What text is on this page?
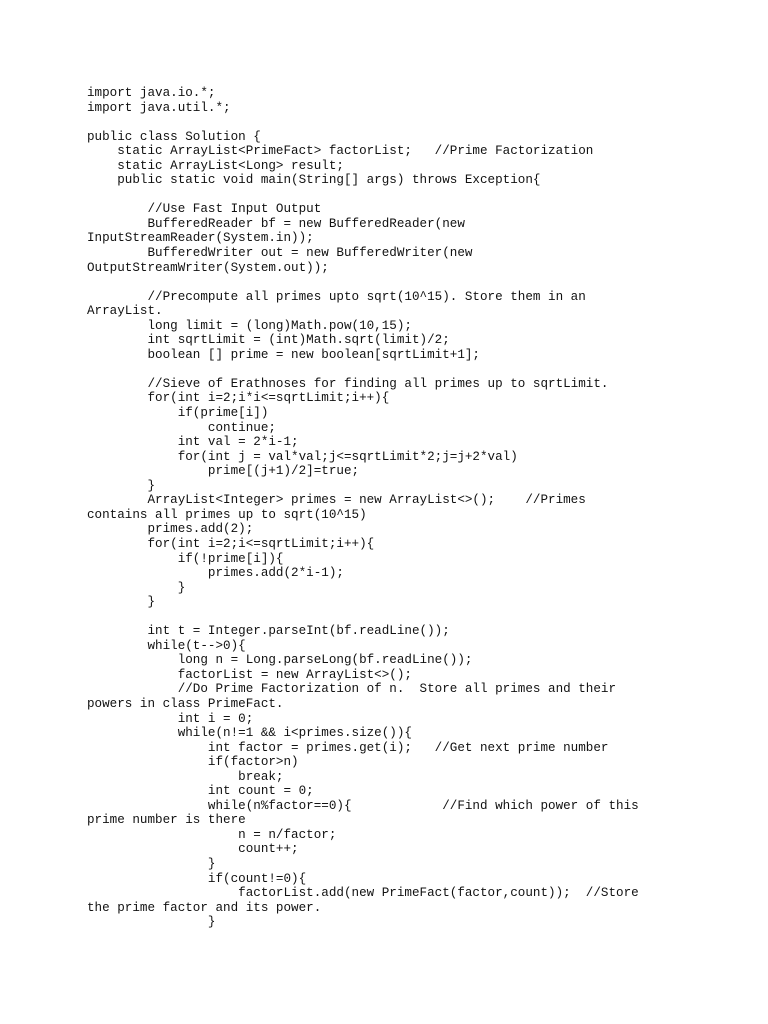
import java.io.*;
import java.util.*;
public class Solution {
static ArrayList<PrimeFact> factorList;   //Prime Factorization
static ArrayList<Long> result;
public static void main(String[] args) throws Exception{
//Use Fast Input Output
BufferedReader bf = new BufferedReader(new
InputStreamReader(System.in));
BufferedWriter out = new BufferedWriter(new
OutputStreamWriter(System.out));
//Precompute all primes upto sqrt(10^15). Store them in an
ArrayList.
long limit = (long)Math.pow(10,15);
int sqrtLimit = (int)Math.sqrt(limit)/2;
boolean [] prime = new boolean[sqrtLimit+1];
//Sieve of Erathnoses for finding all primes up to sqrtLimit.
for(int i=2;i*i<=sqrtLimit;i++){
if(prime[i])
continue;
int val = 2*i-1;
for(int j = val*val;j<=sqrtLimit*2;j=j+2*val)
prime[(j+1)/2]=true;
}
ArrayList<Integer> primes = new ArrayList<>();    //Primes
contains all primes up to sqrt(10^15)
primes.add(2);
for(int i=2;i<=sqrtLimit;i++){
if(!prime[i]){
primes.add(2*i-1);
}
}
int t = Integer.parseInt(bf.readLine());
while(t-->0){
long n = Long.parseLong(bf.readLine());
factorList = new ArrayList<>();
//Do Prime Factorization of n.  Store all primes and their
powers in class PrimeFact.
int i = 0;
while(n!=1 && i<primes.size()){
int factor = primes.get(i);   //Get next prime number
if(factor>n)
break;
int count = 0;
while(n%factor==0){            //Find which power of this
prime number is there
n = n/factor;
count++;
}
if(count!=0){
factorList.add(new PrimeFact(factor,count));  //Store
the prime factor and its power.
}
